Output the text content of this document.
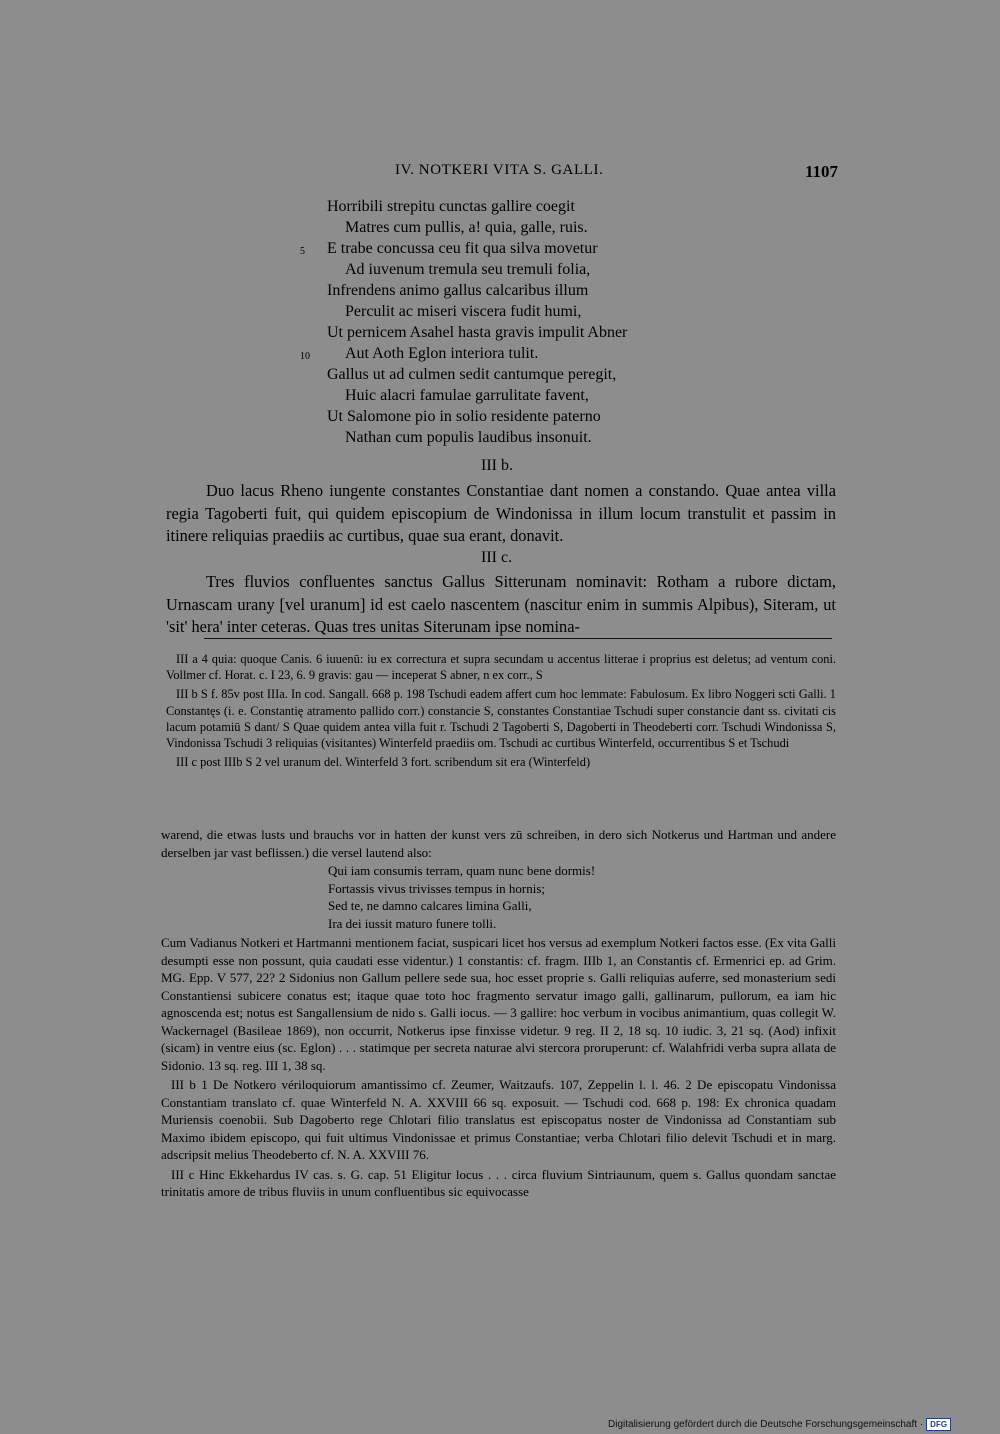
IV. NOTKERI VITA S. GALLI.	1107
Horribili strepitu cunctas gallire coegit
Matres cum pullis, a! quia, galle, ruis.
5 E trabe concussa ceu fit qua silva movetur
Ad iuvenum tremula seu tremuli folia,
Infrendens animo gallus calcaribus illum
Perculit ac miseri viscera fudit humi,
Ut pernicem Asahel hasta gravis impulit Abner
10 Aut Aoth Eglon interiora tulit.
Gallus ut ad culmen sedit cantumque peregit,
Huic alacri famulae garrulitate favent,
Ut Salomone pio in solio residente paterno
Nathan cum populis laudibus insonuit.
III b.

Duo lacus Rheno iungente constantes Constantiae dant nomen a constando. Quae antea villa regia Tagoberti fuit, qui quidem episcopium de Windonissa in illum locum transtulit et passim in itinere reliquias praediis ac curtibus, quae sua erant, donavit.

III c.

Tres fluvios confluentes sanctus Gallus Sitterunam nominavit: Rotham a rubore dictam, Urnascam urany [vel uranum] id est caelo nascentem (nascitur enim in summis Alpibus), Siteram, ut 'sit' hera' inter ceteras. Quas tres unitas Siterunam ipse nomina-

III a 4 quia: quoque Canis. 6 iuuenū: iu ex correctura et supra secundam u accentus litterae i proprius est deletus; ad ventum coni. Vollmer cf. Horat. c. I 23, 6. 9 gravis: gau — inceperat S abner, n ex corr., S

III b S f. 85v post IIIa. In cod. Sangall. 668 p. 198 Tschudi eadem affert cum hoc lemmate: Fabulosum. Ex libro Noggeri scti Galli. 1 Constantęs (i. e. Constantię atramento pallido corr.) constancie S, constantes Constantiae Tschudi super constancie dant ss. civitati cis lacum potamiū S dant/ S Quae quidem antea villa fuit r. Tschudi 2 Tagoberti S, Dagoberti in Theodeberti corr. Tschudi Windonissa S, Vindonissa Tschudi 3 reliquias (visitantes) Winterfeld praediis om. Tschudi ac curtibus Winterfeld, occurrentibus S et Tschudi

III c post IIIb S 2 vel uranum del. Winterfeld 3 fort. scribendum sit era (Winterfeld)

warend, die etwas lusts und brauchs vor in hatten der kunst vers zū schreiben, in dero sich Notkerus und Hartman und andere derselben jar vast beflissen.) die versel lautend also:

Qui iam consumis terram, quam nunc bene dormis!
Fortassis vivus trivisses tempus in hornis;
Sed te, ne damno calcares limina Galli,
Ira dei iussit maturo funere tolli.

Cum Vadianus Notkeri et Hartmanni mentionem faciat, suspicari licet hos versus ad exemplum Notkeri factos esse. (Ex vita Galli desumpti esse non possunt, quia caudati esse videntur.) 1 constantis: cf. fragm. IIIb 1, an Constantis cf. Ermenrici ep. ad Grim. MG. Epp. V 577, 22? 2 Sidonius non Gallum pellere sede sua, hoc esset proprie s. Galli reliquias auferre, sed monasterium sedi Constantiensi subicere conatus est; itaque quae toto hoc fragmento servatur imago galli, gallinarum, pullorum, ea iam hic agnoscenda est; notus est Sangallensium de nido s. Galli iocus. — 3 gallire: hoc verbum in vocibus animantium, quas collegit W. Wackernagel (Basileae 1869), non occurrit, Notkerus ipse finxisse videtur. 9 reg. II 2, 18 sq. 10 iudic. 3, 21 sq. (Aod) infixit (sicam) in ventre eius (sc. Eglon) . . . statimque per secreta naturae alvi stercora proruperunt: cf. Walahfridi verba supra allata de Sidonio. 13 sq. reg. III 1, 38 sq.

III b 1 De Notkero vériloquiorum amantissimo cf. Zeumer, Waitzaufs. 107, Zeppelin l. l. 46. 2 De episcopatu Vindonissa Constantiam translato cf. quae Winterfeld N. A. XXVIII 66 sq. exposuit. — Tschudi cod. 668 p. 198: Ex chronica quadam Muriensis coenobii. Sub Dagoberto rege Chlotari filio translatus est episcopatus noster de Vindonissa ad Constantiam sub Maximo ibidem episcopo, qui fuit ultimus Vindonissae et primus Constantiae; verba Chlotari filio delevit Tschudi et in marg. adscripsit melius Theodeberto cf. N. A. XXVIII 76.

III c Hinc Ekkehardus IV cas. s. G. cap. 51 Eligitur locus . . . circa fluvium Sintriaunum, quem s. Gallus quondam sanctae trinitatis amore de tribus fluviis in unum confluentibus sic equivocasse

Digitalisierung gefördert durch die Deutsche Forschungsgemeinschaft · DFG
